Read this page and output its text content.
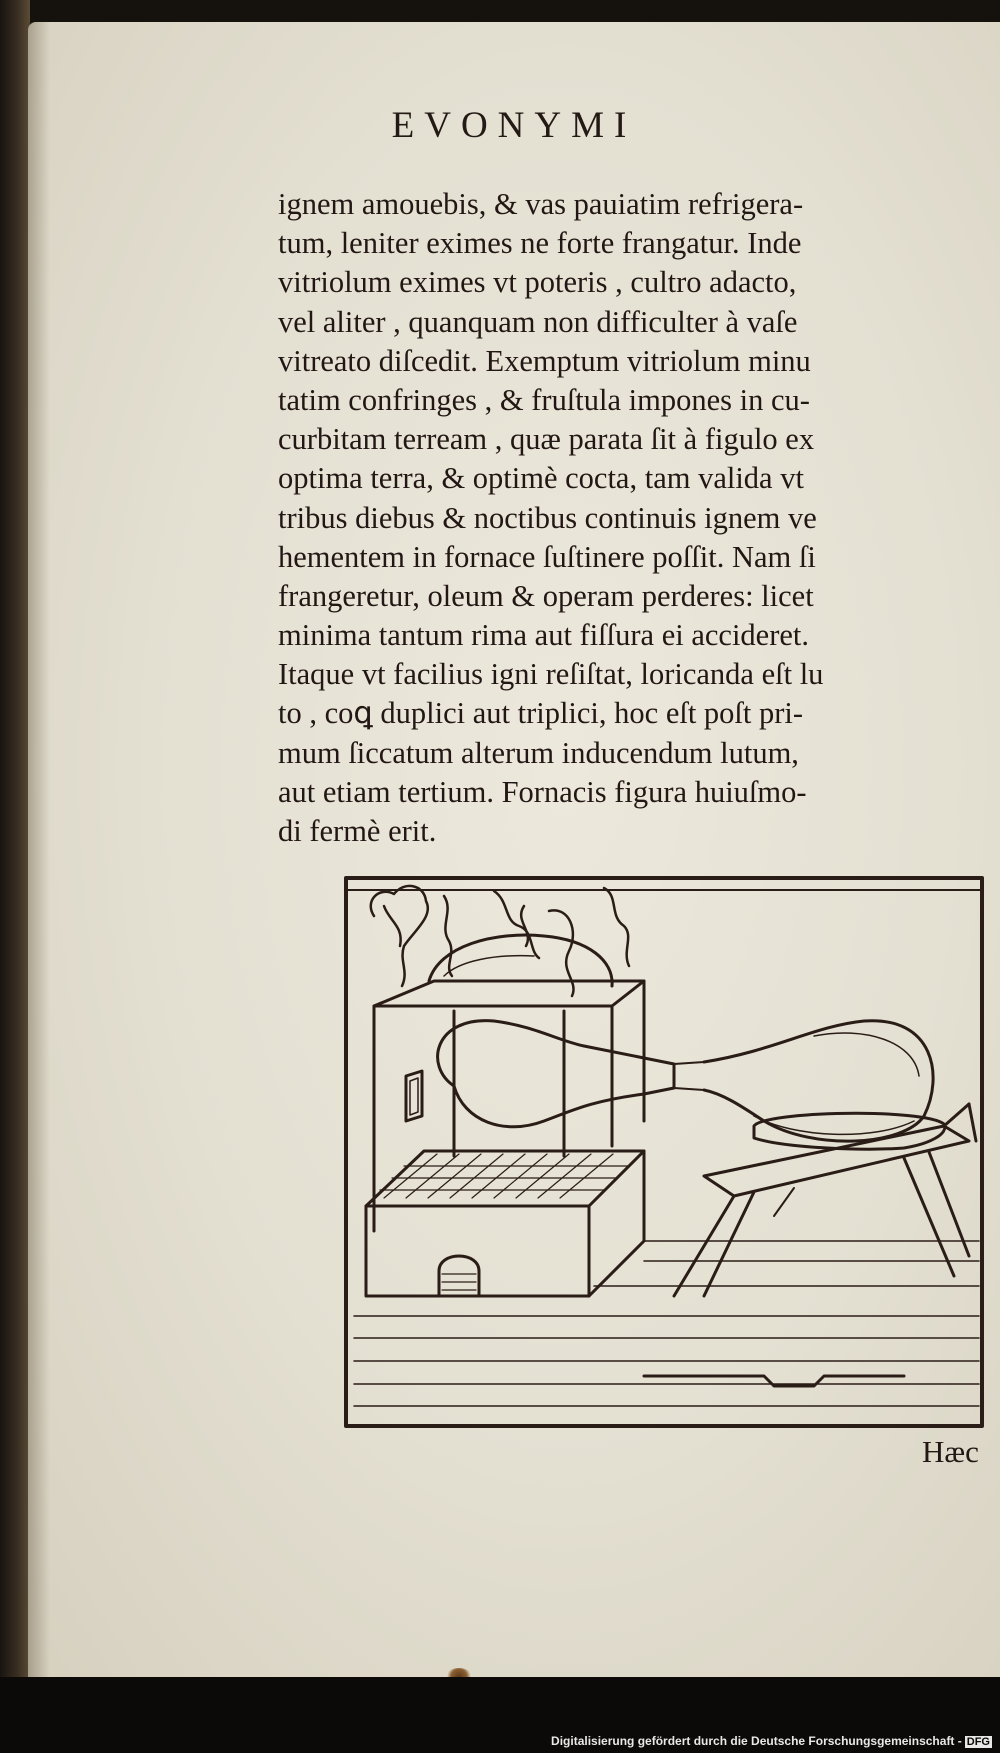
EVONYMI
ignem amouebis, & vas pauiatim refrigera-
tum, leniter eximes ne forte frangatur. Inde
vitriolum eximes vt poteris , cultro adacto,
vel aliter , quanquam non difficulter à vaſe
vitreato diſcedit. Exemptum vitriolum minu
tatim confringes , & fruſtula impones in cu-
curbitam terream , quæ parata ſit à figulo ex
optima terra, & optimè cocta, tam valida vt
tribus diebus & noctibus continuis ignem ve
hementem in fornace ſuſtinere poſſit. Nam ſi
frangeretur, oleum & operam perderes: licet
minima tantum rima aut fiſſura ei accideret.
Itaque vt facilius igni reſiſtat, loricanda eſt lu
to , coꝗ duplici aut triplici, hoc eſt poſt pri-
mum ſiccatum alterum inducendum lutum,
aut etiam tertium. Fornacis figura huiuſmo-
di fermè erit.
Hæc
Digitalisierung gefördert durch die Deutsche Forschungsgemeinschaft - DFG
